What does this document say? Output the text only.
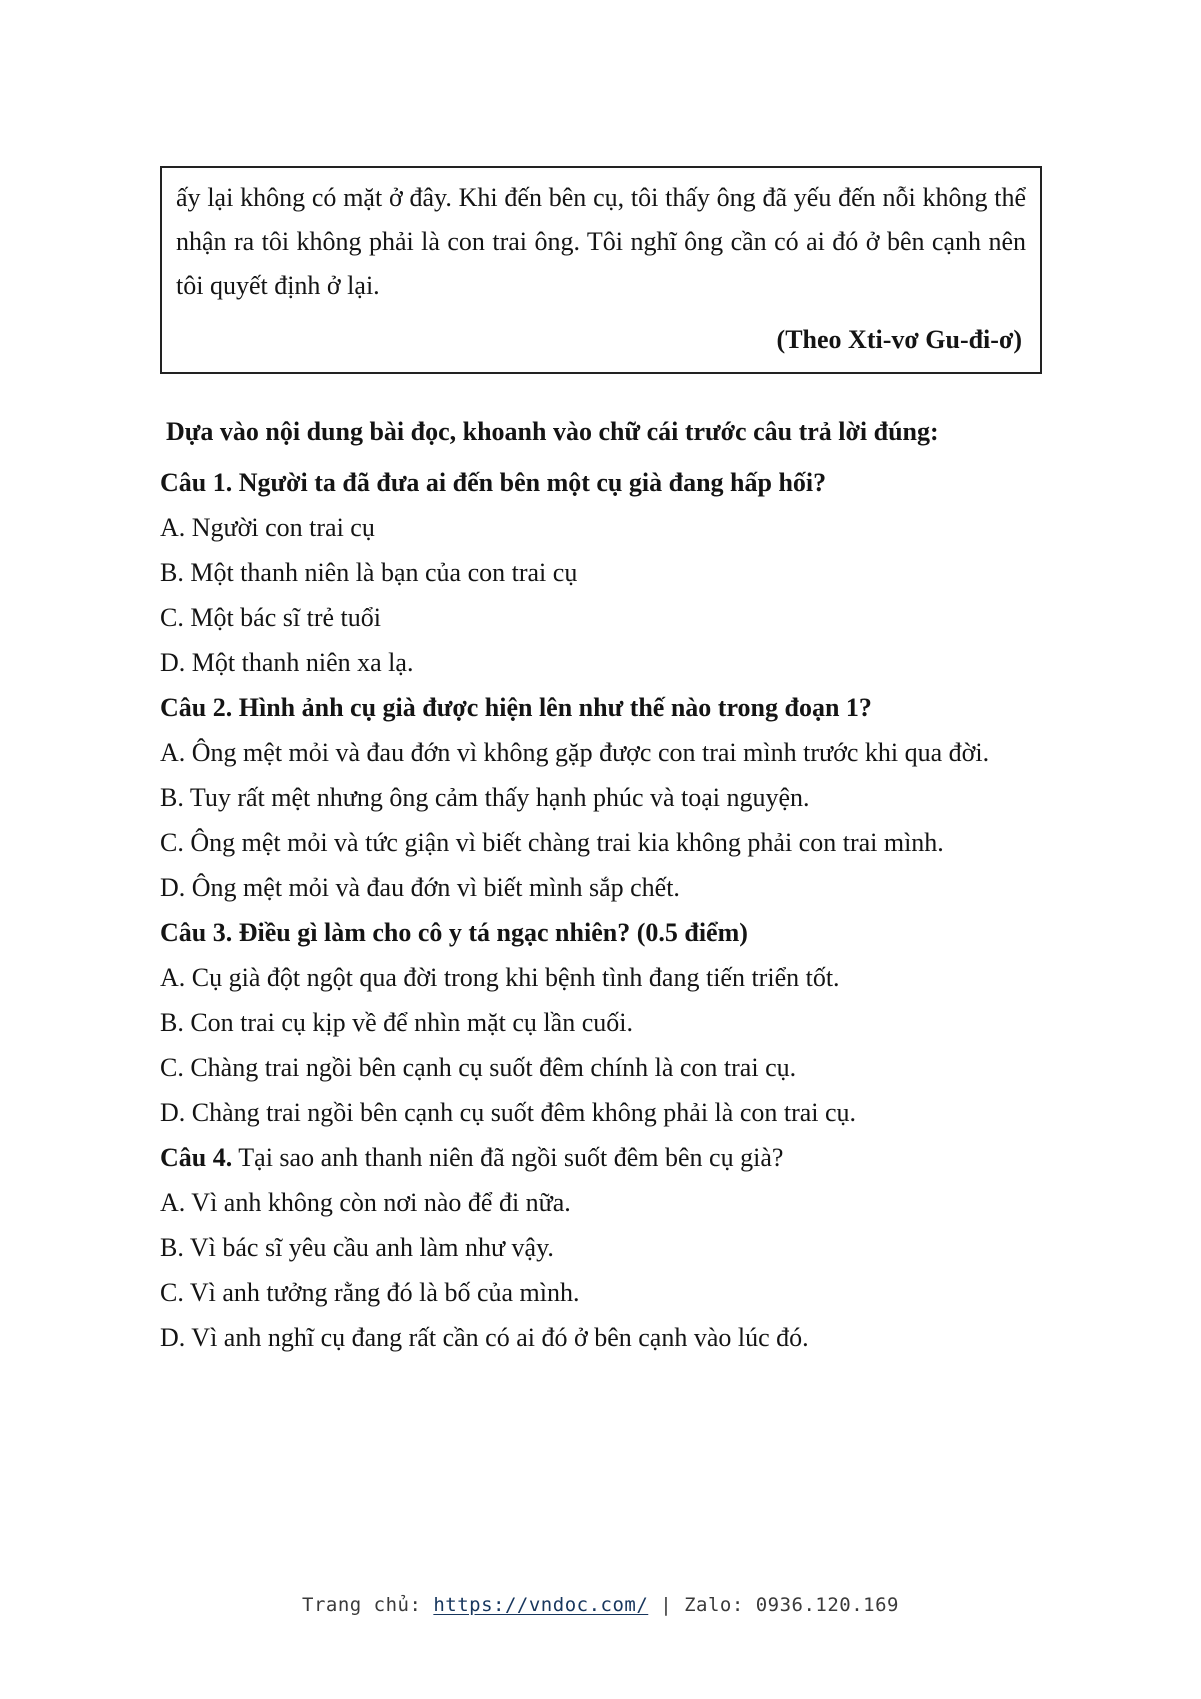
ấy lại không có mặt ở đây. Khi đến bên cụ, tôi thấy ông đã yếu đến nỗi không thể nhận ra tôi không phải là con trai ông. Tôi nghĩ ông cần có ai đó ở bên cạnh nên tôi quyết định ở lại.

(Theo Xti-vơ Gu-đi-ơ)

Dựa vào nội dung bài đọc, khoanh vào chữ cái trước câu trả lời đúng:

Câu 1. Người ta đã đưa ai đến bên một cụ già đang hấp hối?

A. Người con trai cụ

B. Một thanh niên là bạn của con trai cụ

C. Một bác sĩ trẻ tuổi

D. Một thanh niên xa lạ.

Câu 2. Hình ảnh cụ già được hiện lên như thế nào trong đoạn 1?

A. Ông mệt mỏi và đau đớn vì không gặp được con trai mình trước khi qua đời.

B. Tuy rất mệt nhưng ông cảm thấy hạnh phúc và toại nguyện.

C. Ông mệt mỏi và tức giận vì biết chàng trai kia không phải con trai mình.

D. Ông mệt mỏi và đau đớn vì biết mình sắp chết.

Câu 3. Điều gì làm cho cô y tá ngạc nhiên? (0.5 điểm)

A. Cụ già đột ngột qua đời trong khi bệnh tình đang tiến triển tốt.

B. Con trai cụ kịp về để nhìn mặt cụ lần cuối.

C. Chàng trai ngồi bên cạnh cụ suốt đêm chính là con trai cụ.

D. Chàng trai ngồi bên cạnh cụ suốt đêm không phải là con trai cụ.

Câu 4. Tại sao anh thanh niên đã ngồi suốt đêm bên cụ già?

A. Vì anh không còn nơi nào để đi nữa.

B. Vì bác sĩ yêu cầu anh làm như vậy.

C. Vì anh tưởng rằng đó là bố của mình.

D. Vì anh nghĩ cụ đang rất cần có ai đó ở bên cạnh vào lúc đó.

Trang chủ: https://vndoc.com/ | Zalo: 0936.120.169
